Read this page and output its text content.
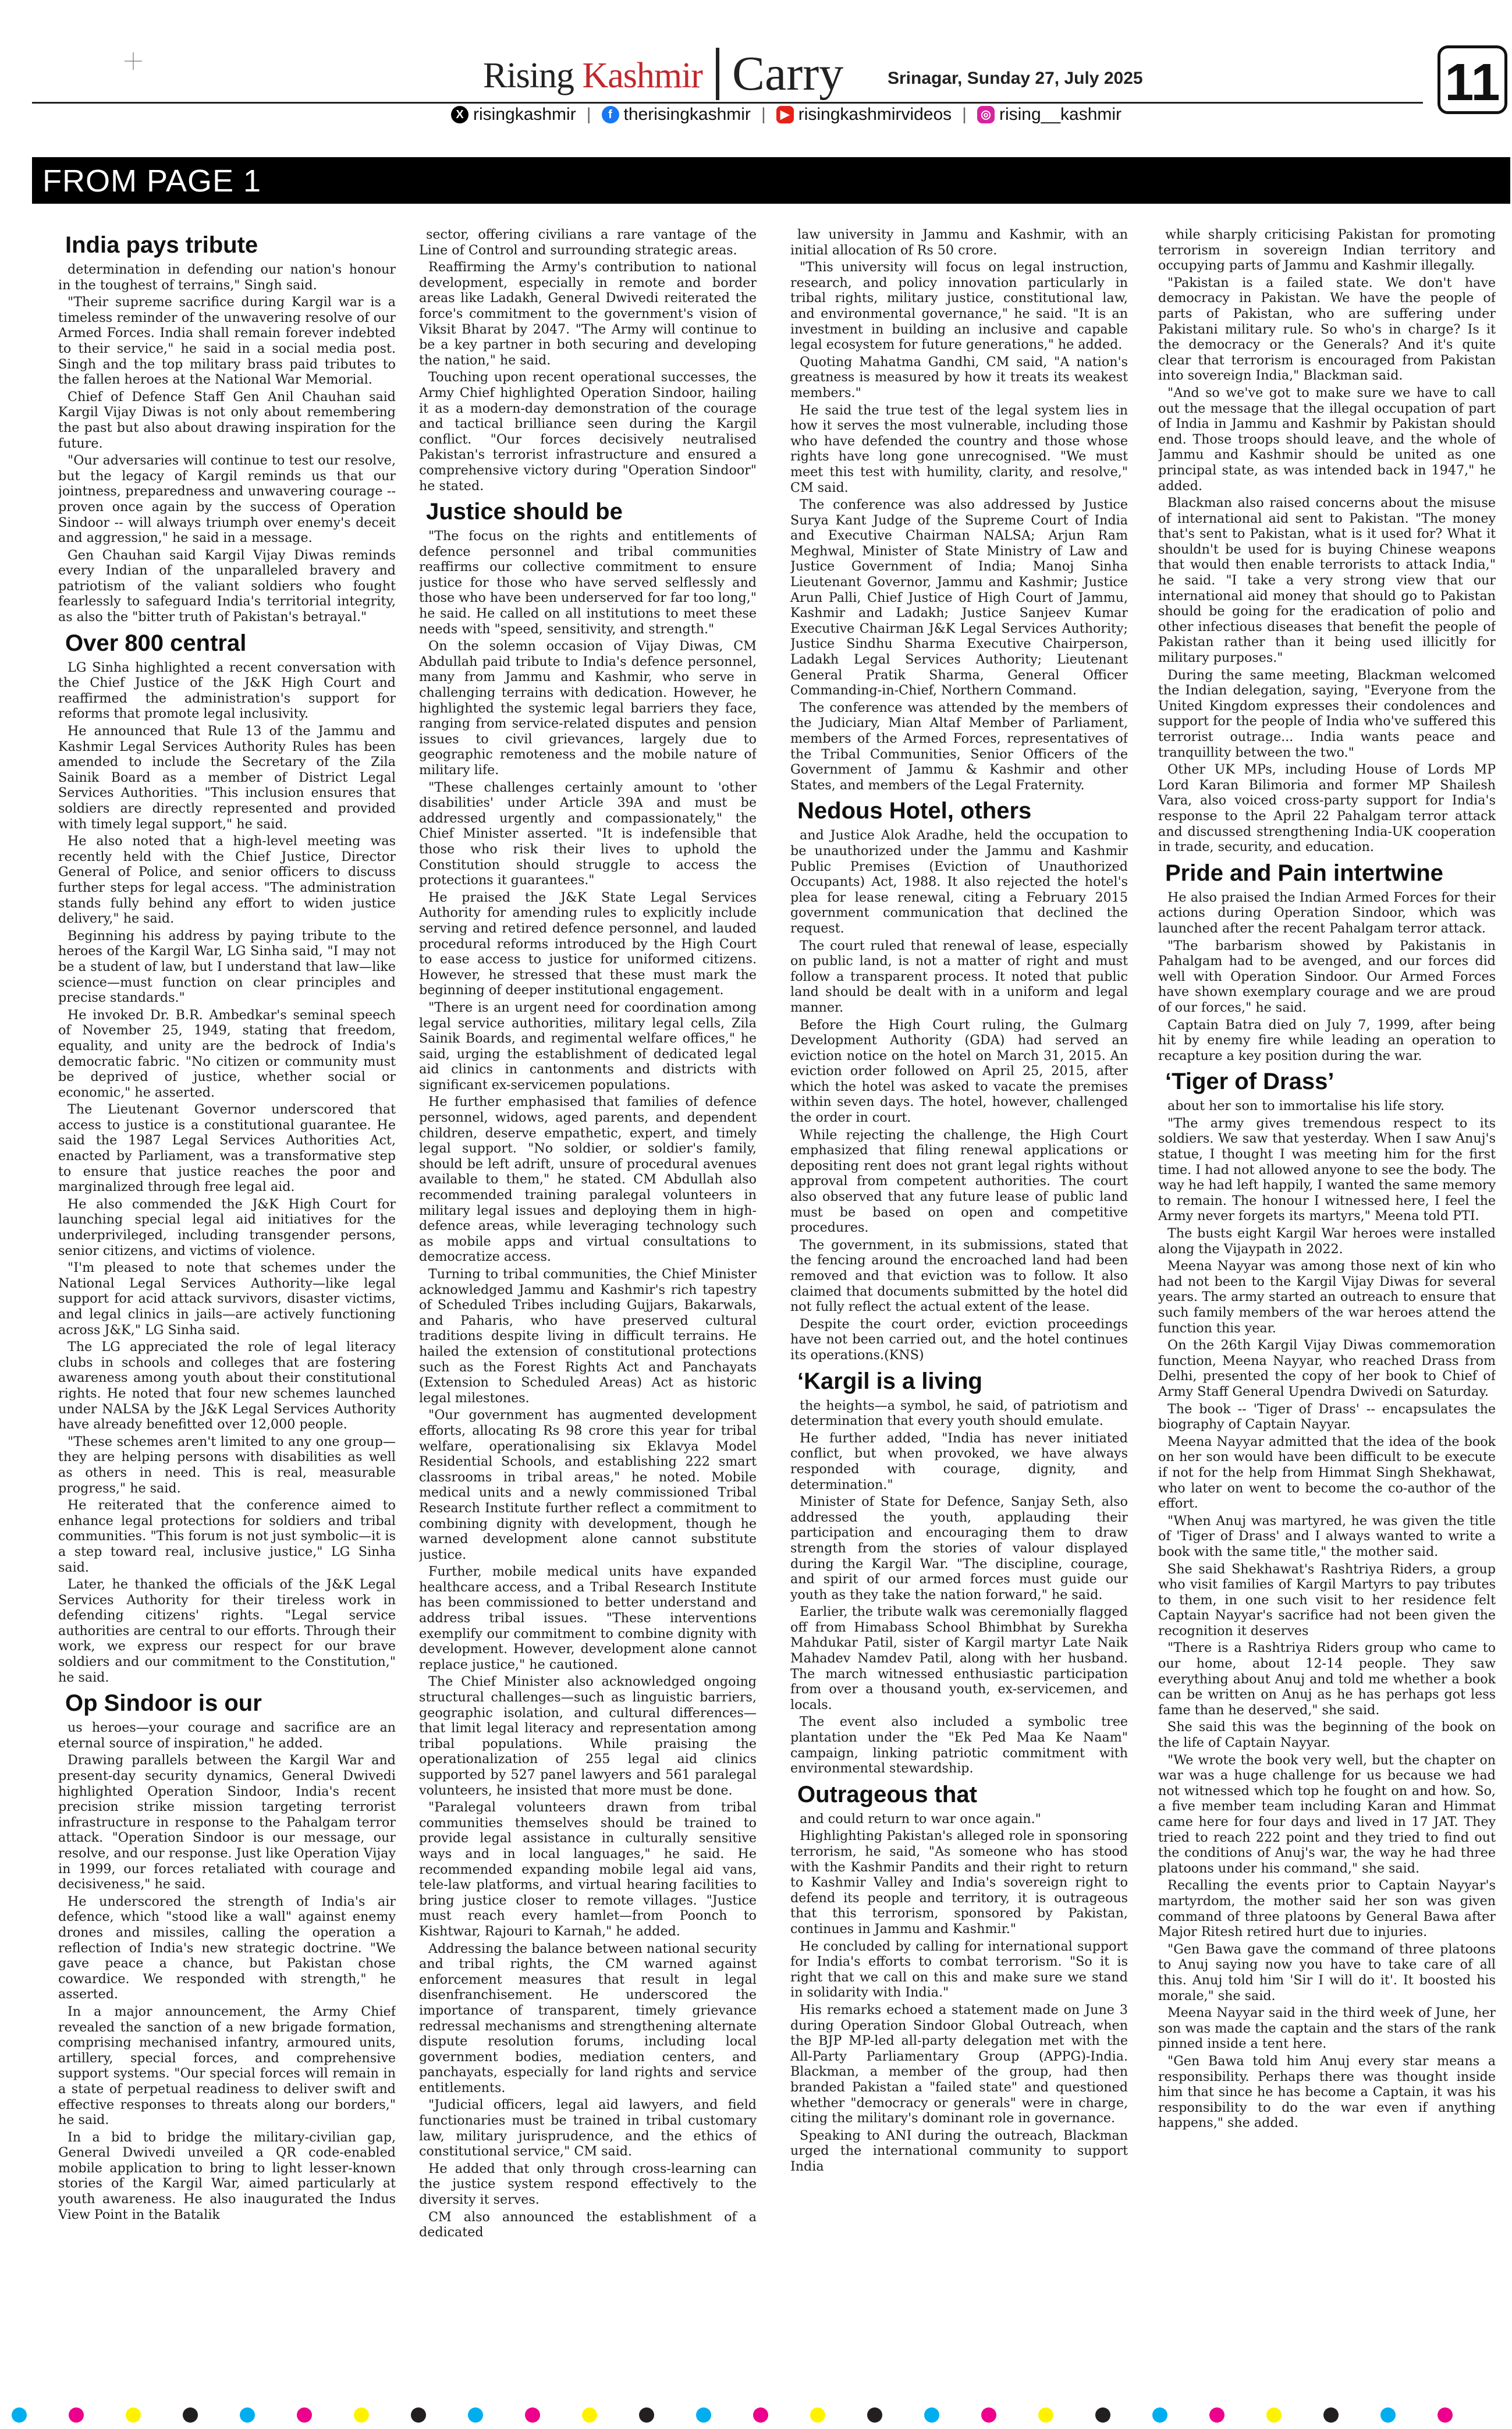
Rising Kashmir Carry	Srinagar, Sunday 27, July 2025	11
X risingkashmir |	f therisingkashmir |	▶ risingkashmirvideos |	◎ rising__kashmir
FROM PAGE 1
India pays tribute

determination in defending our nation's honour in the toughest of terrains," Singh said.

"Their supreme sacrifice during Kargil war is a timeless reminder of the unwavering resolve of our Armed Forces. India shall remain forever indebted to their service," he said in a social media post. Singh and the top military brass paid tributes to the fallen heroes at the National War Memorial.

Chief of Defence Staff Gen Anil Chauhan said Kargil Vijay Diwas is not only about remembering the past but also about drawing inspiration for the future.

"Our adversaries will continue to test our resolve, but the legacy of Kargil reminds us that our jointness, preparedness and unwavering courage -- proven once again by the success of Operation Sindoor -- will always triumph over enemy's deceit and aggression," he said in a message.

Gen Chauhan said Kargil Vijay Diwas reminds every Indian of the unparalleled bravery and patriotism of the valiant soldiers who fought fearlessly to safeguard India's territorial integrity, as also the "bitter truth of Pakistan's betrayal."

Over 800 central

LG Sinha highlighted a recent conversation with the Chief Justice of the J&K High Court and reaffirmed the administration's support for reforms that promote legal inclusivity.

He announced that Rule 13 of the Jammu and Kashmir Legal Services Authority Rules has been amended to include the Secretary of the Zila Sainik Board as a member of District Legal Services Authorities. "This inclusion ensures that soldiers are directly represented and provided with timely legal support," he said.

He also noted that a high-level meeting was recently held with the Chief Justice, Director General of Police, and senior officers to discuss further steps for legal access. "The administration stands fully behind any effort to widen justice delivery," he said.

Beginning his address by paying tribute to the heroes of the Kargil War, LG Sinha said, "I may not be a student of law, but I understand that law—like science—must function on clear principles and precise standards."

He invoked Dr. B.R. Ambedkar's seminal speech of November 25, 1949, stating that freedom, equality, and unity are the bedrock of India's democratic fabric. "No citizen or community must be deprived of justice, whether social or economic," he asserted.

The Lieutenant Governor underscored that access to justice is a constitutional guarantee. He said the 1987 Legal Services Authorities Act, enacted by Parliament, was a transformative step to ensure that justice reaches the poor and marginalized through free legal aid.

He also commended the J&K High Court for launching special legal aid initiatives for the underprivileged, including transgender persons, senior citizens, and victims of violence.

"I'm pleased to note that schemes under the National Legal Services Authority—like legal support for acid attack survivors, disaster victims, and legal clinics in jails—are actively functioning across J&K," LG Sinha said.

The LG appreciated the role of legal literacy clubs in schools and colleges that are fostering awareness among youth about their constitutional rights. He noted that four new schemes launched under NALSA by the J&K Legal Services Authority have already benefitted over 12,000 people.

"These schemes aren't limited to any one group—they are helping persons with disabilities as well as others in need. This is real, measurable progress," he said.

He reiterated that the conference aimed to enhance legal protections for soldiers and tribal communities. "This forum is not just symbolic—it is a step toward real, inclusive justice," LG Sinha said.

Later, he thanked the officials of the J&K Legal Services Authority for their tireless work in defending citizens' rights. "Legal service authorities are central to our efforts. Through their work, we express our respect for our brave soldiers and our commitment to the Constitution," he said.

Op Sindoor is our

us heroes—your courage and sacrifice are an eternal source of inspiration," he added.

Drawing parallels between the Kargil War and present-day security dynamics, General Dwivedi highlighted Operation Sindoor, India's recent precision strike mission targeting terrorist infrastructure in response to the Pahalgam terror attack. "Operation Sindoor is our message, our resolve, and our response. Just like Operation Vijay in 1999, our forces retaliated with courage and decisiveness," he said.

He underscored the strength of India's air defence, which "stood like a wall" against enemy drones and missiles, calling the operation a reflection of India's new strategic doctrine. "We gave peace a chance, but Pakistan chose cowardice. We responded with strength," he asserted.

In a major announcement, the Army Chief revealed the sanction of a new brigade formation, comprising mechanised infantry, armoured units, artillery, special forces, and comprehensive support systems. "Our special forces will remain in a state of perpetual readiness to deliver swift and effective responses to threats along our borders," he said.

In a bid to bridge the military-civilian gap, General Dwivedi unveiled a QR code-enabled mobile application to bring to light lesser-known stories of the Kargil War, aimed particularly at youth awareness. He also inaugurated the Indus View Point in the Batalik

sector, offering civilians a rare vantage of the Line of Control and surrounding strategic areas.

Reaffirming the Army's contribution to national development, especially in remote and border areas like Ladakh, General Dwivedi reiterated the force's commitment to the government's vision of Viksit Bharat by 2047. "The Army will continue to be a key partner in both securing and developing the nation," he said.

Touching upon recent operational successes, the Army Chief highlighted Operation Sindoor, hailing it as a modern-day demonstration of the courage and tactical brilliance seen during the Kargil conflict. "Our forces decisively neutralised Pakistan's terrorist infrastructure and ensured a comprehensive victory during "Operation Sindoor" he stated.

Justice should be

"The focus on the rights and entitlements of defence personnel and tribal communities reaffirms our collective commitment to ensure justice for those who have served selflessly and those who have been underserved for far too long," he said. He called on all institutions to meet these needs with "speed, sensitivity, and strength."

On the solemn occasion of Vijay Diwas, CM Abdullah paid tribute to India's defence personnel, many from Jammu and Kashmir, who serve in challenging terrains with dedication. However, he highlighted the systemic legal barriers they face, ranging from service-related disputes and pension issues to civil grievances, largely due to geographic remoteness and the mobile nature of military life.

"These challenges certainly amount to 'other disabilities' under Article 39A and must be addressed urgently and compassionately," the Chief Minister asserted. "It is indefensible that those who risk their lives to uphold the Constitution should struggle to access the protections it guarantees."

He praised the J&K State Legal Services Authority for amending rules to explicitly include serving and retired defence personnel, and lauded procedural reforms introduced by the High Court to ease access to justice for uniformed citizens. However, he stressed that these must mark the beginning of deeper institutional engagement.

"There is an urgent need for coordination among legal service authorities, military legal cells, Zila Sainik Boards, and regimental welfare offices," he said, urging the establishment of dedicated legal aid clinics in cantonments and districts with significant ex-servicemen populations.

He further emphasised that families of defence personnel, widows, aged parents, and dependent children, deserve empathetic, expert, and timely legal support. "No soldier, or soldier's family, should be left adrift, unsure of procedural avenues available to them," he stated. CM Abdullah also recommended training paralegal volunteers in military legal issues and deploying them in high-defence areas, while leveraging technology such as mobile apps and virtual consultations to democratize access.

Turning to tribal communities, the Chief Minister acknowledged Jammu and Kashmir's rich tapestry of Scheduled Tribes including Gujjars, Bakarwals, and Paharis, who have preserved cultural traditions despite living in difficult terrains. He hailed the extension of constitutional protections such as the Forest Rights Act and Panchayats (Extension to Scheduled Areas) Act as historic legal milestones.

"Our government has augmented development efforts, allocating Rs 98 crore this year for tribal welfare, operationalising six Eklavya Model Residential Schools, and establishing 222 smart classrooms in tribal areas," he noted. Mobile medical units and a newly commissioned Tribal Research Institute further reflect a commitment to combining dignity with development, though he warned development alone cannot substitute justice.

Further, mobile medical units have expanded healthcare access, and a Tribal Research Institute has been commissioned to better understand and address tribal issues. "These interventions exemplify our commitment to combine dignity with development. However, development alone cannot replace justice," he cautioned.

The Chief Minister also acknowledged ongoing structural challenges—such as linguistic barriers, geographic isolation, and cultural differences—that limit legal literacy and representation among tribal populations. While praising the operationalization of 255 legal aid clinics supported by 527 panel lawyers and 561 paralegal volunteers, he insisted that more must be done.

"Paralegal volunteers drawn from tribal communities themselves should be trained to provide legal assistance in culturally sensitive ways and in local languages," he said. He recommended expanding mobile legal aid vans, tele-law platforms, and virtual hearing facilities to bring justice closer to remote villages. "Justice must reach every hamlet—from Poonch to Kishtwar, Rajouri to Karnah," he added.

Addressing the balance between national security and tribal rights, the CM warned against enforcement measures that result in legal disenfranchisement. He underscored the importance of transparent, timely grievance redressal mechanisms and strengthening alternate dispute resolution forums, including local government bodies, mediation centers, and panchayats, especially for land rights and service entitlements.

"Judicial officers, legal aid lawyers, and field functionaries must be trained in tribal customary law, military jurisprudence, and the ethics of constitutional service," CM said.

He added that only through cross-learning can the justice system respond effectively to the diversity it serves.

CM also announced the establishment of a dedicated

law university in Jammu and Kashmir, with an initial allocation of Rs 50 crore.

"This university will focus on legal instruction, research, and policy innovation particularly in tribal rights, military justice, constitutional law, and environmental governance," he said. "It is an investment in building an inclusive and capable legal ecosystem for future generations," he added.

Quoting Mahatma Gandhi, CM said, "A nation's greatness is measured by how it treats its weakest members."

He said the true test of the legal system lies in how it serves the most vulnerable, including those who have defended the country and those whose rights have long gone unrecognised. "We must meet this test with humility, clarity, and resolve," CM said.

The conference was also addressed by Justice Surya Kant Judge of the Supreme Court of India and Executive Chairman NALSA; Arjun Ram Meghwal, Minister of State Ministry of Law and Justice Government of India; Manoj Sinha Lieutenant Governor, Jammu and Kashmir; Justice Arun Palli, Chief Justice of High Court of Jammu, Kashmir and Ladakh; Justice Sanjeev Kumar Executive Chairman J&K Legal Services Authority; Justice Sindhu Sharma Executive Chairperson, Ladakh Legal Services Authority; Lieutenant General Pratik Sharma, General Officer Commanding-in-Chief, Northern Command.

The conference was attended by the members of the Judiciary, Mian Altaf Member of Parliament, members of the Armed Forces, representatives of the Tribal Communities, Senior Officers of the Government of Jammu & Kashmir and other States, and members of the Legal Fraternity.

Nedous Hotel, others

and Justice Alok Aradhe, held the occupation to be unauthorized under the Jammu and Kashmir Public Premises (Eviction of Unauthorized Occupants) Act, 1988. It also rejected the hotel's plea for lease renewal, citing a February 2015 government communication that declined the request.

The court ruled that renewal of lease, especially on public land, is not a matter of right and must follow a transparent process. It noted that public land should be dealt with in a uniform and legal manner.

Before the High Court ruling, the Gulmarg Development Authority (GDA) had served an eviction notice on the hotel on March 31, 2015. An eviction order followed on April 25, 2015, after which the hotel was asked to vacate the premises within seven days. The hotel, however, challenged the order in court.

While rejecting the challenge, the High Court emphasized that filing renewal applications or depositing rent does not grant legal rights without approval from competent authorities. The court also observed that any future lease of public land must be based on open and competitive procedures.

The government, in its submissions, stated that the fencing around the encroached land had been removed and that eviction was to follow. It also claimed that documents submitted by the hotel did not fully reflect the actual extent of the lease.

Despite the court order, eviction proceedings have not been carried out, and the hotel continues its operations.(KNS)

‘Kargil is a living

the heights—a symbol, he said, of patriotism and determination that every youth should emulate.

He further added, "India has never initiated conflict, but when provoked, we have always responded with courage, dignity, and determination."

Minister of State for Defence, Sanjay Seth, also addressed the youth, applauding their participation and encouraging them to draw strength from the stories of valour displayed during the Kargil War. "The discipline, courage, and spirit of our armed forces must guide our youth as they take the nation forward," he said.

Earlier, the tribute walk was ceremonially flagged off from Himabass School Bhimbhat by Surekha Mahdukar Patil, sister of Kargil martyr Late Naik Mahadev Namdev Patil, along with her husband. The march witnessed enthusiastic participation from over a thousand youth, ex-servicemen, and locals.

The event also included a symbolic tree plantation under the "Ek Ped Maa Ke Naam" campaign, linking patriotic commitment with environmental stewardship.

Outrageous that

and could return to war once again."

Highlighting Pakistan's alleged role in sponsoring terrorism, he said, "As someone who has stood with the Kashmir Pandits and their right to return to Kashmir Valley and India's sovereign right to defend its people and territory, it is outrageous that this terrorism, sponsored by Pakistan, continues in Jammu and Kashmir."

He concluded by calling for international support for India's efforts to combat terrorism. "So it is right that we call on this and make sure we stand in solidarity with India."

His remarks echoed a statement made on June 3 during Operation Sindoor Global Outreach, when the BJP MP-led all-party delegation met with the All-Party Parliamentary Group (APPG)-India. Blackman, a member of the group, had then branded Pakistan a "failed state" and questioned whether "democracy or generals" were in charge, citing the military's dominant role in governance.

Speaking to ANI during the outreach, Blackman urged the international community to support India

while sharply criticising Pakistan for promoting terrorism in sovereign Indian territory and occupying parts of Jammu and Kashmir illegally.

"Pakistan is a failed state. We don't have democracy in Pakistan. We have the people of parts of Pakistan, who are suffering under Pakistani military rule. So who's in charge? Is it the democracy or the Generals? And it's quite clear that terrorism is encouraged from Pakistan into sovereign India," Blackman said.

"And so we've got to make sure we have to call out the message that the illegal occupation of part of India in Jammu and Kashmir by Pakistan should end. Those troops should leave, and the whole of Jammu and Kashmir should be united as one principal state, as was intended back in 1947," he added.

Blackman also raised concerns about the misuse of international aid sent to Pakistan. "The money that's sent to Pakistan, what is it used for? What it shouldn't be used for is buying Chinese weapons that would then enable terrorists to attack India," he said. "I take a very strong view that our international aid money that should go to Pakistan should be going for the eradication of polio and other infectious diseases that benefit the people of Pakistan rather than it being used illicitly for military purposes."

During the same meeting, Blackman welcomed the Indian delegation, saying, "Everyone from the United Kingdom expresses their condolences and support for the people of India who've suffered this terrorist outrage... India wants peace and tranquillity between the two."

Other UK MPs, including House of Lords MP Lord Karan Bilimoria and former MP Shailesh Vara, also voiced cross-party support for India's response to the April 22 Pahalgam terror attack and discussed strengthening India-UK cooperation in trade, security, and education.

Pride and Pain intertwine

He also praised the Indian Armed Forces for their actions during Operation Sindoor, which was launched after the recent Pahalgam terror attack.

"The barbarism showed by Pakistanis in Pahalgam had to be avenged, and our forces did well with Operation Sindoor. Our Armed Forces have shown exemplary courage and we are proud of our forces," he said.

Captain Batra died on July 7, 1999, after being hit by enemy fire while leading an operation to recapture a key position during the war.

‘Tiger of Drass’

about her son to immortalise his life story.

"The army gives tremendous respect to its soldiers. We saw that yesterday. When I saw Anuj's statue, I thought I was meeting him for the first time. I had not allowed anyone to see the body. The way he had left happily, I wanted the same memory to remain. The honour I witnessed here, I feel the Army never forgets its martyrs," Meena told PTI.

The busts eight Kargil War heroes were installed along the Vijaypath in 2022.

Meena Nayyar was among those next of kin who had not been to the Kargil Vijay Diwas for several years. The army started an outreach to ensure that such family members of the war heroes attend the function this year.

On the 26th Kargil Vijay Diwas commemoration function, Meena Nayyar, who reached Drass from Delhi, presented the copy of her book to Chief of Army Staff General Upendra Dwivedi on Saturday.

The book -- 'Tiger of Drass' -- encapsulates the biography of Captain Nayyar.

Meena Nayyar admitted that the idea of the book on her son would have been difficult to be execute if not for the help from Himmat Singh Shekhawat, who later on went to become the co-author of the effort.

"When Anuj was martyred, he was given the title of 'Tiger of Drass' and I always wanted to write a book with the same title," the mother said.

She said Shekhawat's Rashtriya Riders, a group who visit families of Kargil Martyrs to pay tributes to them, in one such visit to her residence felt Captain Nayyar's sacrifice had not been given the recognition it deserves

"There is a Rashtriya Riders group who came to our home, about 12-14 people. They saw everything about Anuj and told me whether a book can be written on Anuj as he has perhaps got less fame than he deserved," she said.

She said this was the beginning of the book on the life of Captain Nayyar.

"We wrote the book very well, but the chapter on war was a huge challenge for us because we had not witnessed which top he fought on and how. So, a five member team including Karan and Himmat came here for four days and lived in 17 JAT. They tried to reach 222 point and they tried to find out the conditions of Anuj's war, the way he had three platoons under his command," she said.

Recalling the events prior to Captain Nayyar's martyrdom, the mother said her son was given command of three platoons by General Bawa after Major Ritesh retired hurt due to injuries.

"Gen Bawa gave the command of three platoons to Anuj saying now you have to take care of all this. Anuj told him 'Sir I will do it'. It boosted his morale," she said.

Meena Nayyar said in the third week of June, her son was made the captain and the stars of the rank pinned inside a tent here.

"Gen Bawa told him Anuj every star means a responsibility. Perhaps there was thought inside him that since he has become a Captain, it was his responsibility to do the war even if anything happens," she added.
